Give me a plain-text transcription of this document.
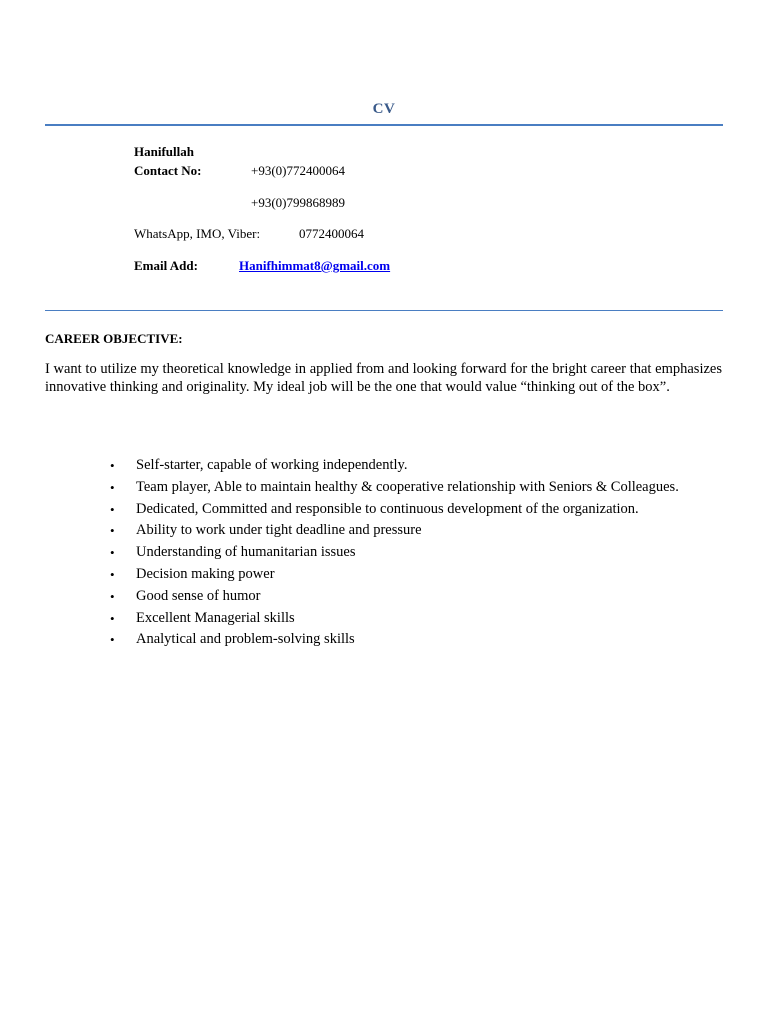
CV
Hanifullah
Contact No:	+93(0)772400064
+93(0)799868989
WhatsApp, IMO, Viber:	0772400064
Email Add:	Hanifhimmat8@gmail.com
CAREER OBJECTIVE:

I want to utilize my theoretical knowledge in applied from and looking forward for the bright career that emphasizes innovative thinking and originality. My ideal job will be the one that would value “thinking out of the box”.

• Self-starter, capable of working independently.
• Team player, Able to maintain healthy & cooperative relationship with Seniors & Colleagues.
• Dedicated, Committed and responsible to continuous development of the organization.
• Ability to work under tight deadline and pressure
• Understanding of humanitarian issues
• Decision making power
• Good sense of humor
• Excellent Managerial skills
• Analytical and problem-solving skills
